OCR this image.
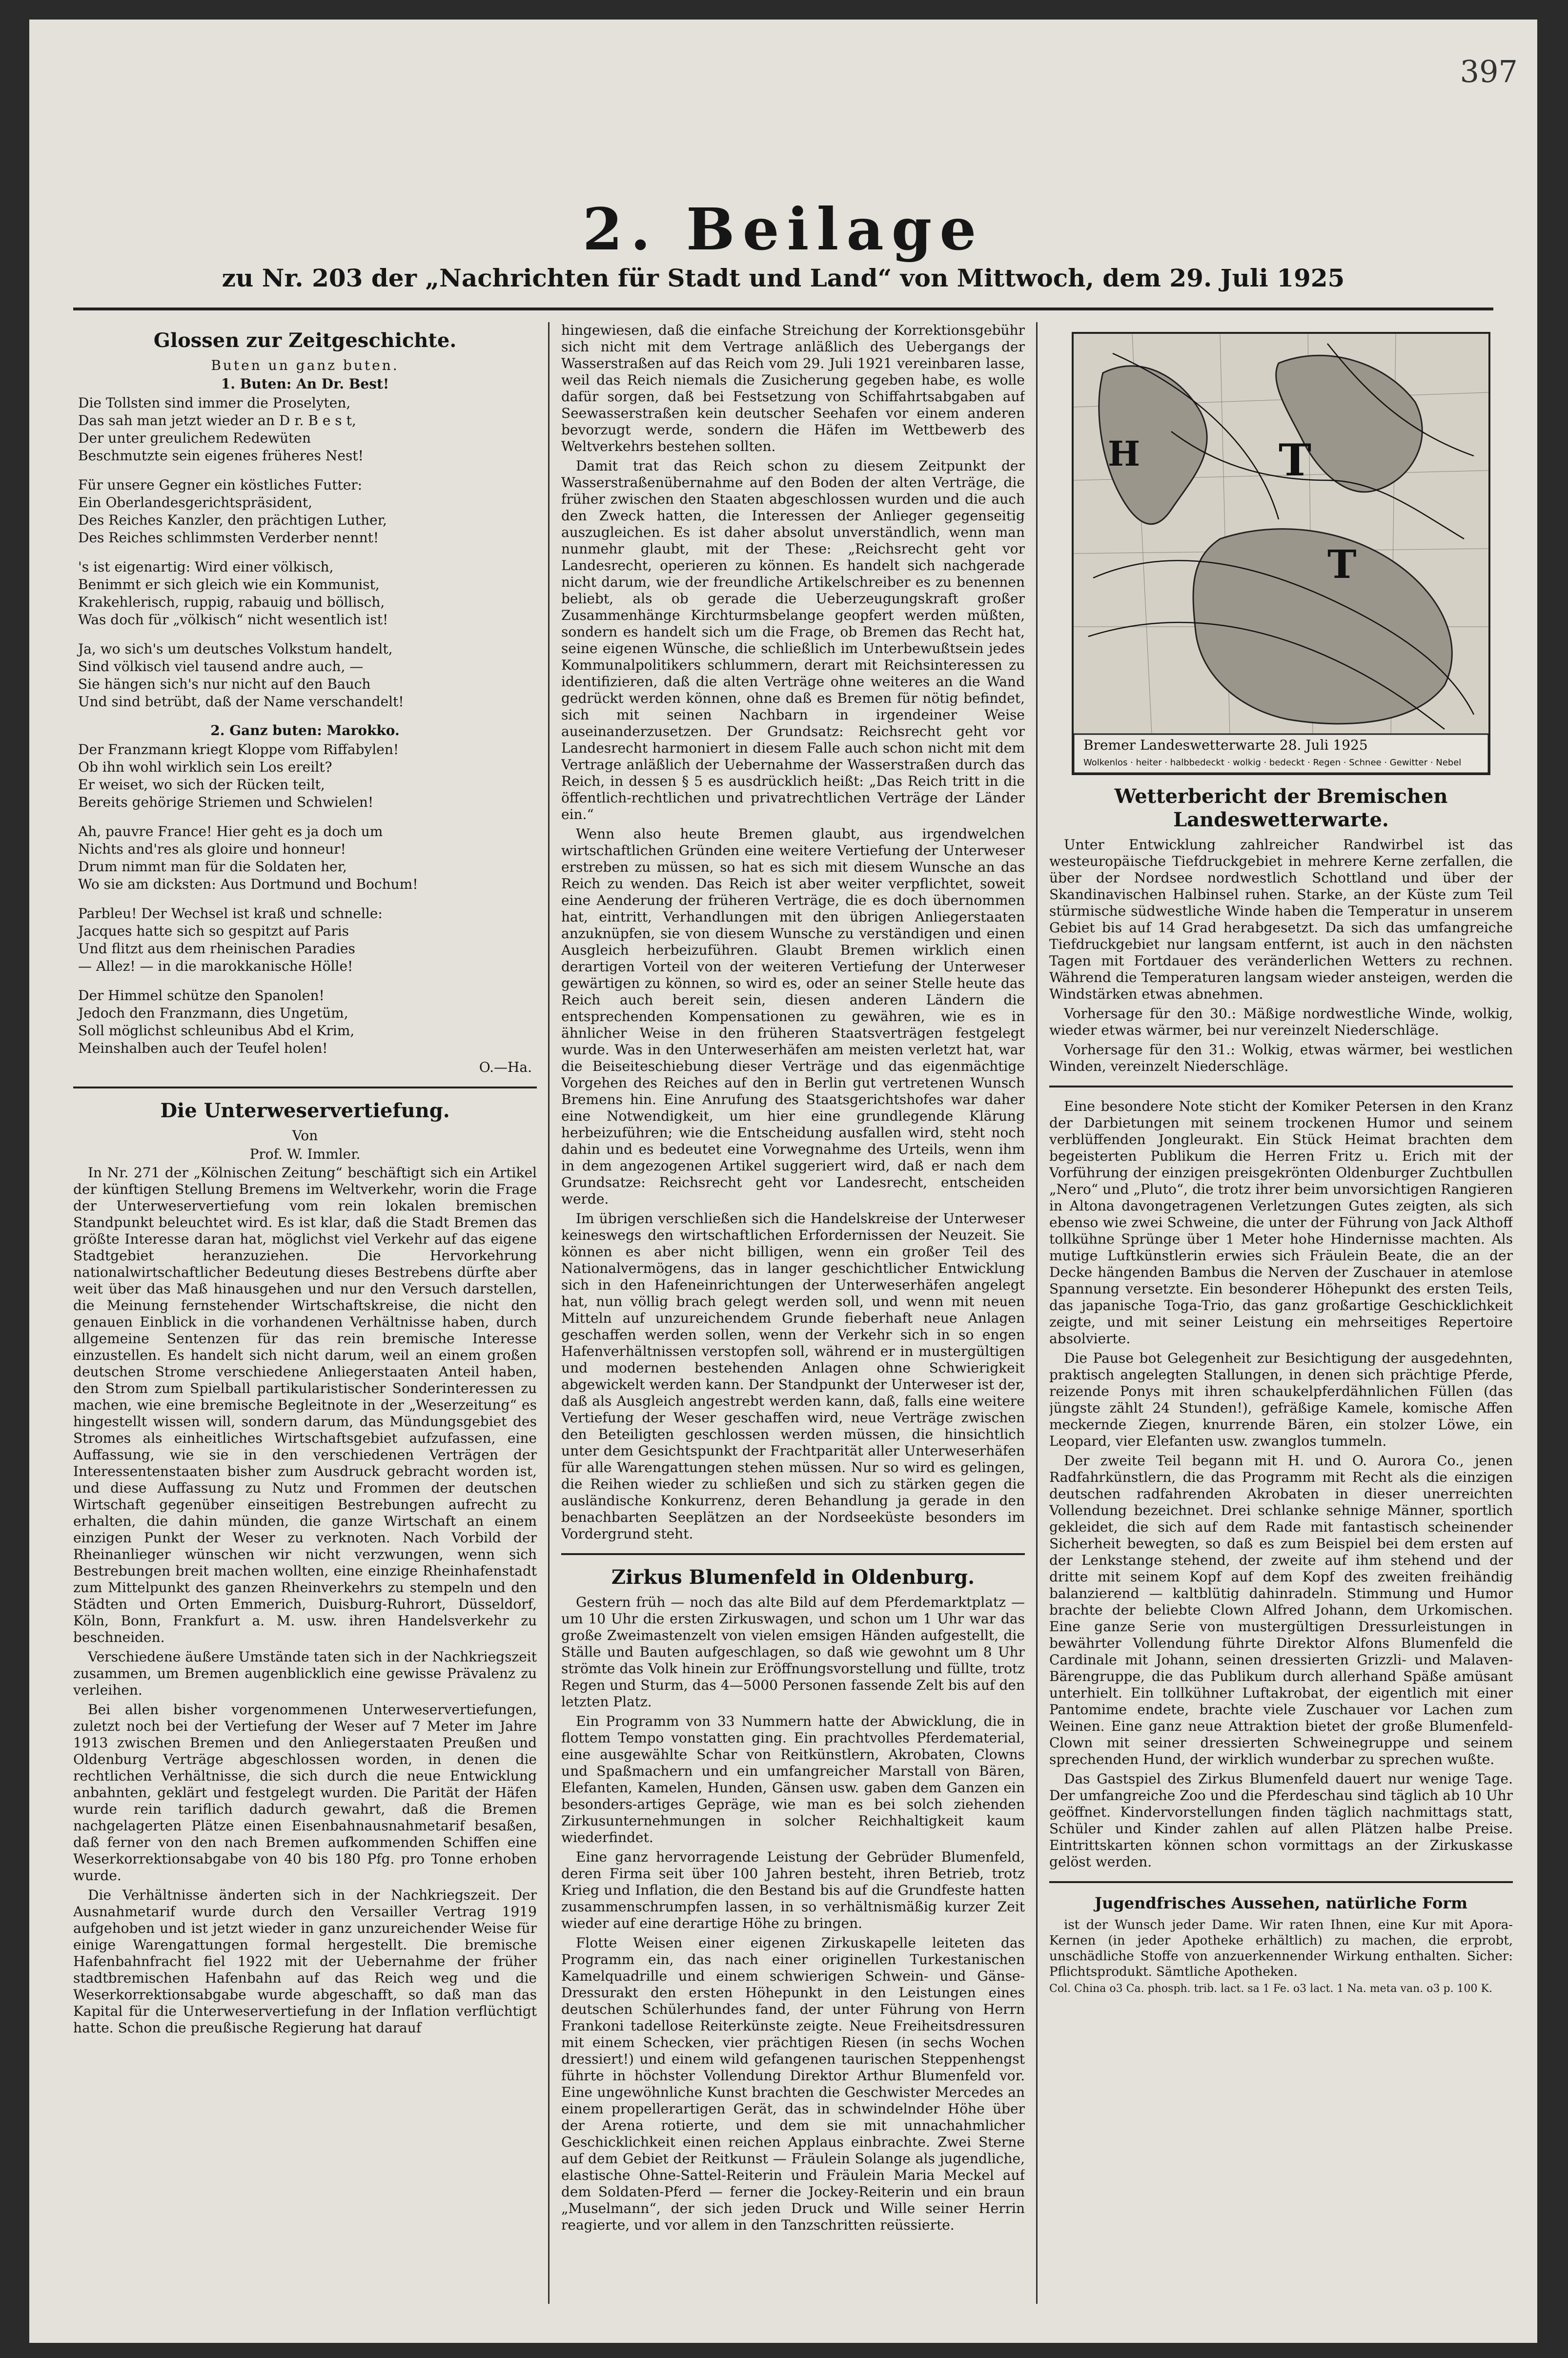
397
2. Beilage
zu Nr. 203 der „Nachrichten für Stadt und Land“ von Mittwoch, dem 29. Juli 1925
Glossen zur Zeitgeschichte.
Buten un ganz buten.
1. Buten: An Dr. Best!
Die Tollsten sind immer die Proselyten,
Das sah man jetzt wieder an D r. B e s t,
Der unter greulichem Redewüten
Beschmutzte sein eigenes früheres Nest!
Für unsere Gegner ein köstliches Futter:
Ein Oberlandesgerichtspräsident,
Des Reiches Kanzler, den prächtigen Luther,
Des Reiches schlimmsten Verderber nennt!
's ist eigenartig: Wird einer völkisch,
Benimmt er sich gleich wie ein Kommunist,
Krakehlerisch, ruppig, rabauig und böllisch,
Was doch für „völkisch“ nicht wesentlich ist!
Ja, wo sich's um deutsches Volkstum handelt,
Sind völkisch viel tausend andre auch, —
Sie hängen sich's nur nicht auf den Bauch
Und sind betrübt, daß der Name verschandelt!
2. Ganz buten: Marokko.
Der Franzmann kriegt Kloppe vom Riffabylen!
Ob ihn wohl wirklich sein Los ereilt?
Er weiset, wo sich der Rücken teilt,
Bereits gehörige Striemen und Schwielen!
Ah, pauvre France! Hier geht es ja doch um
Nichts and'res als gloire und honneur!
Drum nimmt man für die Soldaten her,
Wo sie am dicksten: Aus Dortmund und Bochum!
Parbleu! Der Wechsel ist kraß und schnelle:
Jacques hatte sich so gespitzt auf Paris
Und flitzt aus dem rheinischen Paradies
— Allez! — in die marokkanische Hölle!
Der Himmel schütze den Spanolen!
Jedoch den Franzmann, dies Ungetüm,
Soll möglichst schleunibus Abd el Krim,
Meinshalben auch der Teufel holen!
O.—Ha.
Die Unterweservertiefung.
Von
Prof. W. Immler.

In Nr. 271 der „Kölnischen Zeitung“ beschäftigt sich ein Artikel der künftigen Stellung Bremens im Weltverkehr, worin die Frage der Unterweservertiefung vom rein lokalen bremischen Standpunkt beleuchtet wird. Es ist klar, daß die Stadt Bremen das größte Interesse daran hat, möglichst viel Verkehr auf das eigene Stadtgebiet heranzuziehen. Die Hervorkehrung nationalwirtschaftlicher Bedeutung dieses Bestrebens dürfte aber weit über das Maß hinausgehen und nur den Versuch darstellen, die Meinung fernstehender Wirtschaftskreise, die nicht den genauen Einblick in die vorhandenen Verhältnisse haben, durch allgemeine Sentenzen für das rein bremische Interesse einzustellen. Es handelt sich nicht darum, weil an einem großen deutschen Strome verschiedene Anliegerstaaten Anteil haben, den Strom zum Spielball partikularistischer Sonderinteressen zu machen, wie eine bremische Begleitnote in der „Weserzeitung“ es hingestellt wissen will, sondern darum, das Mündungsgebiet des Stromes als einheitliches Wirtschaftsgebiet aufzufassen, eine Auffassung, wie sie in den verschiedenen Verträgen der Interessentenstaaten bisher zum Ausdruck gebracht worden ist, und diese Auffassung zu Nutz und Frommen der deutschen Wirtschaft gegenüber einseitigen Bestrebungen aufrecht zu erhalten, die dahin münden, die ganze Wirtschaft an einem einzigen Punkt der Weser zu verknoten. Nach Vorbild der Rheinanlieger wünschen wir nicht verzwungen, wenn sich Bestrebungen breit machen wollten, eine einzige Rheinhafenstadt zum Mittelpunkt des ganzen Rheinverkehrs zu stempeln und den Städten und Orten Emmerich, Duisburg-Ruhrort, Düsseldorf, Köln, Bonn, Frankfurt a. M. usw. ihren Handelsverkehr zu beschneiden.

Verschiedene äußere Umstände taten sich in der Nachkriegszeit zusammen, um Bremen augenblicklich eine gewisse Prävalenz zu verleihen.

Bei allen bisher vorgenommenen Unterweservertiefungen, zuletzt noch bei der Vertiefung der Weser auf 7 Meter im Jahre 1913 zwischen Bremen und den Anliegerstaaten Preußen und Oldenburg Verträge abgeschlossen worden, in denen die rechtlichen Verhältnisse, die sich durch die neue Entwicklung anbahnten, geklärt und festgelegt wurden. Die Parität der Häfen wurde rein tariflich dadurch gewahrt, daß die Bremen nachgelagerten Plätze einen Eisenbahnausnahmetarif besaßen, daß ferner von den nach Bremen aufkommenden Schiffen eine Weserkorrektionsabgabe von 40 bis 180 Pfg. pro Tonne erhoben wurde.

Die Verhältnisse änderten sich in der Nachkriegszeit. Der Ausnahmetarif wurde durch den Versailler Vertrag 1919 aufgehoben und ist jetzt wieder in ganz unzureichender Weise für einige Warengattungen formal hergestellt. Die bremische Hafenbahnfracht fiel 1922 mit der Uebernahme der früher stadtbremischen Hafenbahn auf das Reich weg und die Weserkorrektionsabgabe wurde abgeschafft, so daß man das Kapital für die Unterweservertiefung in der Inflation verflüchtigt hatte. Schon die preußische Regierung hat darauf

hingewiesen, daß die einfache Streichung der Korrektionsgebühr sich nicht mit dem Vertrage anläßlich des Uebergangs der Wasserstraßen auf das Reich vom 29. Juli 1921 vereinbaren lasse, weil das Reich niemals die Zusicherung gegeben habe, es wolle dafür sorgen, daß bei Festsetzung von Schiffahrtsabgaben auf Seewasserstraßen kein deutscher Seehafen vor einem anderen bevorzugt werde, sondern die Häfen im Wettbewerb des Weltverkehrs bestehen sollten.

Damit trat das Reich schon zu diesem Zeitpunkt der Wasserstraßenübernahme auf den Boden der alten Verträge, die früher zwischen den Staaten abgeschlossen wurden und die auch den Zweck hatten, die Interessen der Anlieger gegenseitig auszugleichen. Es ist daher absolut unverständlich, wenn man nunmehr glaubt, mit der These: „Reichsrecht geht vor Landesrecht, operieren zu können. Es handelt sich nachgerade nicht darum, wie der freundliche Artikelschreiber es zu benennen beliebt, als ob gerade die Ueberzeugungskraft großer Zusammenhänge Kirchturmsbelange geopfert werden müßten, sondern es handelt sich um die Frage, ob Bremen das Recht hat, seine eigenen Wünsche, die schließlich im Unterbewußtsein jedes Kommunalpolitikers schlummern, derart mit Reichsinteressen zu identifizieren, daß die alten Verträge ohne weiteres an die Wand gedrückt werden können, ohne daß es Bremen für nötig befindet, sich mit seinen Nachbarn in irgendeiner Weise auseinanderzusetzen. Der Grundsatz: Reichsrecht geht vor Landesrecht harmoniert in diesem Falle auch schon nicht mit dem Vertrage anläßlich der Uebernahme der Wasserstraßen durch das Reich, in dessen § 5 es ausdrücklich heißt: „Das Reich tritt in die öffentlich-rechtlichen und privatrechtlichen Verträge der Länder ein.“

Wenn also heute Bremen glaubt, aus irgendwelchen wirtschaftlichen Gründen eine weitere Vertiefung der Unterweser erstreben zu müssen, so hat es sich mit diesem Wunsche an das Reich zu wenden. Das Reich ist aber weiter verpflichtet, soweit eine Aenderung der früheren Verträge, die es doch übernommen hat, eintritt, Verhandlungen mit den übrigen Anliegerstaaten anzuknüpfen, sie von diesem Wunsche zu verständigen und einen Ausgleich herbeizuführen. Glaubt Bremen wirklich einen derartigen Vorteil von der weiteren Vertiefung der Unterweser gewärtigen zu können, so wird es, oder an seiner Stelle heute das Reich auch bereit sein, diesen anderen Ländern die entsprechenden Kompensationen zu gewähren, wie es in ähnlicher Weise in den früheren Staatsverträgen festgelegt wurde. Was in den Unterweserhäfen am meisten verletzt hat, war die Beiseiteschiebung dieser Verträge und das eigenmächtige Vorgehen des Reiches auf den in Berlin gut vertretenen Wunsch Bremens hin. Eine Anrufung des Staatsgerichtshofes war daher eine Notwendigkeit, um hier eine grundlegende Klärung herbeizuführen; wie die Entscheidung ausfallen wird, steht noch dahin und es bedeutet eine Vorwegnahme des Urteils, wenn ihm in dem angezogenen Artikel suggeriert wird, daß er nach dem Grundsatze: Reichsrecht geht vor Landesrecht, entscheiden werde.

Im übrigen verschließen sich die Handelskreise der Unterweser keineswegs den wirtschaftlichen Erfordernissen der Neuzeit. Sie können es aber nicht billigen, wenn ein großer Teil des Nationalvermögens, das in langer geschichtlicher Entwicklung sich in den Hafeneinrichtungen der Unterweserhäfen angelegt hat, nun völlig brach gelegt werden soll, und wenn mit neuen Mitteln auf unzureichendem Grunde fieberhaft neue Anlagen geschaffen werden sollen, wenn der Verkehr sich in so engen Hafenverhältnissen verstopfen soll, während er in mustergültigen und modernen bestehenden Anlagen ohne Schwierigkeit abgewickelt werden kann. Der Standpunkt der Unterweser ist der, daß als Ausgleich angestrebt werden kann, daß, falls eine weitere Vertiefung der Weser geschaffen wird, neue Verträge zwischen den Beteiligten geschlossen werden müssen, die hinsichtlich unter dem Gesichtspunkt der Frachtparität aller Unterweserhäfen für alle Warengattungen stehen müssen. Nur so wird es gelingen, die Reihen wieder zu schließen und sich zu stärken gegen die ausländische Konkurrenz, deren Behandlung ja gerade in den benachbarten Seeplätzen an der Nordseeküste besonders im Vordergrund steht.

Zirkus Blumenfeld in Oldenburg.

Gestern früh — noch das alte Bild auf dem Pferdemarktplatz — um 10 Uhr die ersten Zirkuswagen, und schon um 1 Uhr war das große Zweimastenzelt von vielen emsigen Händen aufgestellt, die Ställe und Bauten aufgeschlagen, so daß wie gewohnt um 8 Uhr strömte das Volk hinein zur Eröffnungsvorstellung und füllte, trotz Regen und Sturm, das 4—5000 Personen fassende Zelt bis auf den letzten Platz.

Ein Programm von 33 Nummern hatte der Abwicklung, die in flottem Tempo vonstatten ging. Ein prachtvolles Pferdematerial, eine ausgewählte Schar von Reitkünstlern, Akrobaten, Clowns und Spaßmachern und ein umfangreicher Marstall von Bären, Elefanten, Kamelen, Hunden, Gänsen usw. gaben dem Ganzen ein besonders-artiges Gepräge, wie man es bei solch ziehenden Zirkusunternehmungen in solcher Reichhaltigkeit kaum wiederfindet.

Eine ganz hervorragende Leistung der Gebrüder Blumenfeld, deren Firma seit über 100 Jahren besteht, ihren Betrieb, trotz Krieg und Inflation, die den Bestand bis auf die Grundfeste hatten zusammenschrumpfen lassen, in so verhältnismäßig kurzer Zeit wieder auf eine derartige Höhe zu bringen.

Flotte Weisen einer eigenen Zirkuskapelle leiteten das Programm ein, das nach einer originellen Turkestanischen Kamelquadrille und einem schwierigen Schwein- und Gänse-Dressurakt den ersten Höhepunkt in den Leistungen eines deutschen Schülerhundes fand, der unter Führung von Herrn Frankoni tadellose Reiterkünste zeigte. Neue Freiheitsdressuren mit einem Schecken, vier prächtigen Riesen (in sechs Wochen dressiert!) und einem wild gefangenen taurischen Steppenhengst führte in höchster Vollendung Direktor Arthur Blumenfeld vor. Eine ungewöhnliche Kunst brachten die Geschwister Mercedes an einem propellerartigen Gerät, das in schwindelnder Höhe über der Arena rotierte, und dem sie mit unnachahmlicher Geschicklichkeit einen reichen Applaus einbrachte. Zwei Sterne auf dem Gebiet der Reitkunst — Fräulein Solange als jugendliche, elastische Ohne-Sattel-Reiterin und Fräulein Maria Meckel auf dem Soldaten-Pferd — ferner die Jockey-Reiterin und ein braun „Muselmann“, der sich jeden Druck und Wille seiner Herrin reagierte, und vor allem in den Tanzschritten reüssierte.

T
T
H
Bremer Landeswetterwarte 28. Juli 1925
Wolkenlos · heiter · halbbedeckt · wolkig · bedeckt · Regen · Schnee · Gewitter · Nebel
Wetterbericht der Bremischen Landeswetterwarte.

Unter Entwicklung zahlreicher Randwirbel ist das westeuropäische Tiefdruckgebiet in mehrere Kerne zerfallen, die über der Nordsee nordwestlich Schottland und über der Skandinavischen Halbinsel ruhen. Starke, an der Küste zum Teil stürmische südwestliche Winde haben die Temperatur in unserem Gebiet bis auf 14 Grad herabgesetzt. Da sich das umfangreiche Tiefdruckgebiet nur langsam entfernt, ist auch in den nächsten Tagen mit Fortdauer des veränderlichen Wetters zu rechnen. Während die Temperaturen langsam wieder ansteigen, werden die Windstärken etwas abnehmen.

Vorhersage für den 30.: Mäßige nordwestliche Winde, wolkig, wieder etwas wärmer, bei nur vereinzelt Niederschläge.

Vorhersage für den 31.: Wolkig, etwas wärmer, bei westlichen Winden, vereinzelt Niederschläge.

Eine besondere Note sticht der Komiker Petersen in den Kranz der Darbietungen mit seinem trockenen Humor und seinem verblüffenden Jongleurakt. Ein Stück Heimat brachten dem begeisterten Publikum die Herren Fritz u. Erich mit der Vorführung der einzigen preisgekrönten Oldenburger Zuchtbullen „Nero“ und „Pluto“, die trotz ihrer beim unvorsichtigen Rangieren in Altona davongetragenen Verletzungen Gutes zeigten, als sich ebenso wie zwei Schweine, die unter der Führung von Jack Althoff tollkühne Sprünge über 1 Meter hohe Hindernisse machten. Als mutige Luftkünstlerin erwies sich Fräulein Beate, die an der Decke hängenden Bambus die Nerven der Zuschauer in atemlose Spannung versetzte. Ein besonderer Höhepunkt des ersten Teils, das japanische Toga-Trio, das ganz großartige Geschicklichkeit zeigte, und mit seiner Leistung ein mehrseitiges Repertoire absolvierte.

Die Pause bot Gelegenheit zur Besichtigung der ausgedehnten, praktisch angelegten Stallungen, in denen sich prächtige Pferde, reizende Ponys mit ihren schaukelpferdähnlichen Füllen (das jüngste zählt 24 Stunden!), gefräßige Kamele, komische Affen meckernde Ziegen, knurrende Bären, ein stolzer Löwe, ein Leopard, vier Elefanten usw. zwanglos tummeln.

Der zweite Teil begann mit H. und O. Aurora Co., jenen Radfahrkünstlern, die das Programm mit Recht als die einzigen deutschen radfahrenden Akrobaten in dieser unerreichten Vollendung bezeichnet. Drei schlanke sehnige Männer, sportlich gekleidet, die sich auf dem Rade mit fantastisch scheinender Sicherheit bewegten, so daß es zum Beispiel bei dem ersten auf der Lenkstange stehend, der zweite auf ihm stehend und der dritte mit seinem Kopf auf dem Kopf des zweiten freihändig balanzierend — kaltblütig dahinradeln. Stimmung und Humor brachte der beliebte Clown Alfred Johann, dem Urkomischen. Eine ganze Serie von mustergültigen Dressurleistungen in bewährter Vollendung führte Direktor Alfons Blumenfeld die Cardinale mit Johann, seinen dressierten Grizzli- und Malaven-Bärengruppe, die das Publikum durch allerhand Späße amüsant unterhielt. Ein tollkühner Luftakrobat, der eigentlich mit einer Pantomime endete, brachte viele Zuschauer vor Lachen zum Weinen. Eine ganz neue Attraktion bietet der große Blumenfeld-Clown mit seiner dressierten Schweinegruppe und seinem sprechenden Hund, der wirklich wunderbar zu sprechen wußte.

Das Gastspiel des Zirkus Blumenfeld dauert nur wenige Tage. Der umfangreiche Zoo und die Pferdeschau sind täglich ab 10 Uhr geöffnet. Kindervorstellungen finden täglich nachmittags statt, Schüler und Kinder zahlen auf allen Plätzen halbe Preise. Eintrittskarten können schon vormittags an der Zirkuskasse gelöst werden.

Jugendfrisches Aussehen, natürliche Form

ist der Wunsch jeder Dame. Wir raten Ihnen, eine Kur mit Apora-Kernen (in jeder Apotheke erhältlich) zu machen, die erprobt, unschädliche Stoffe von anzuerkennender Wirkung enthalten. Sicher: Pflichtsprodukt. Sämtliche Apotheken.

Col. China o3 Ca. phosph. trib. lact. sa 1 Fe. o3 lact. 1 Na. meta van. o3 p. 100 K.
